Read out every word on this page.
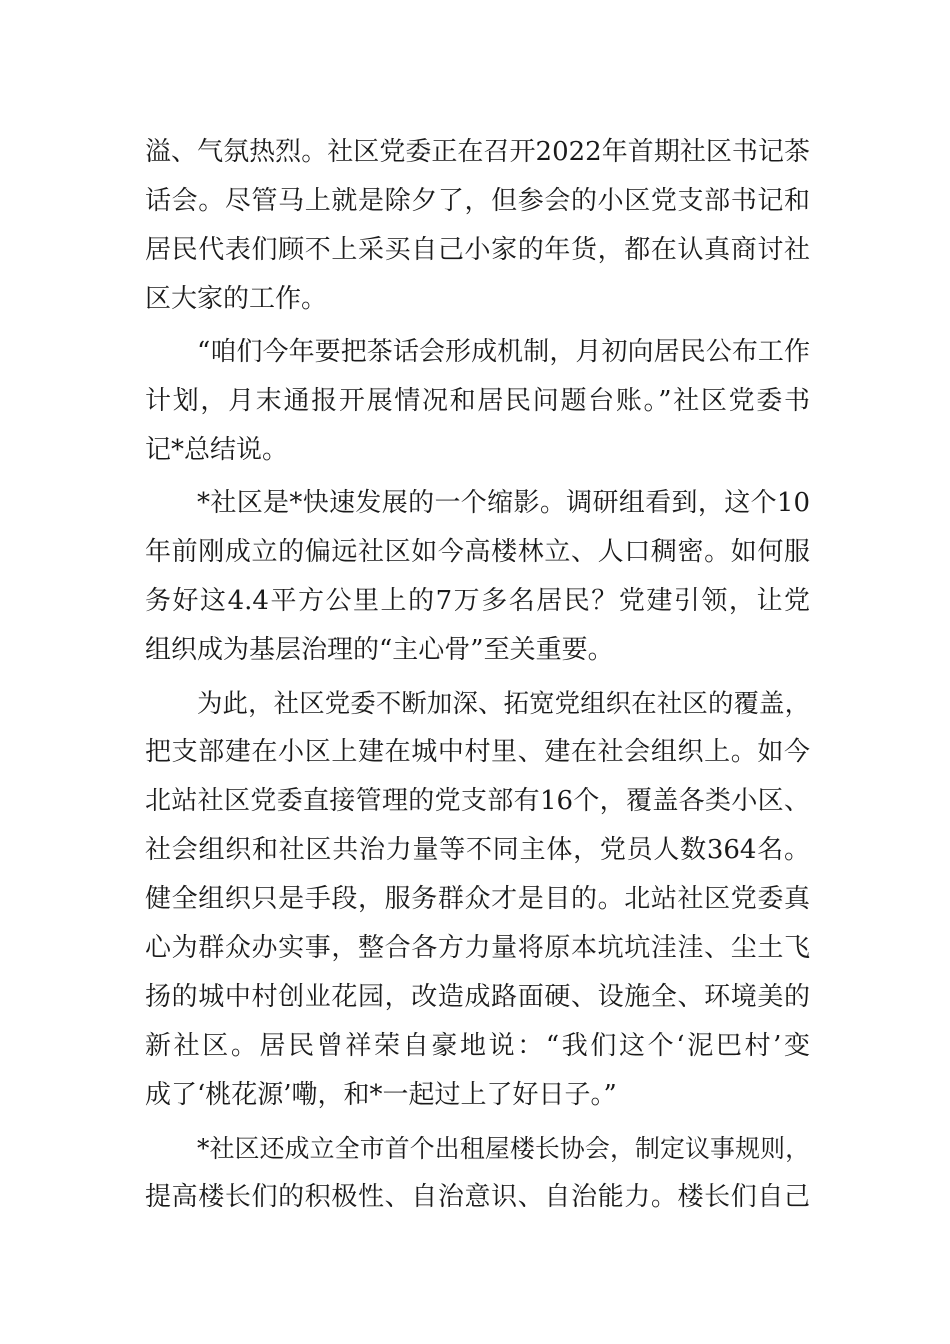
溢、气氛热烈。社区党委正在召开2022年首期社区书记茶
话会。尽管马上就是除夕了，但参会的小区党支部书记和
居民代表们顾不上采买自己小家的年货，都在认真商讨社
区大家的工作。
“咱们今年要把茶话会形成机制，月初向居民公布工作
计划，月末通报开展情况和居民问题台账。”社区党委书
记*总结说。
*社区是*快速发展的一个缩影。调研组看到，这个10
年前刚成立的偏远社区如今高楼林立、人口稠密。如何服
务好这4.4平方公里上的7万多名居民？党建引领，让党
组织成为基层治理的“主心骨”至关重要。
为此，社区党委不断加深、拓宽党组织在社区的覆盖，
把支部建在小区上建在城中村里、建在社会组织上。如今
北站社区党委直接管理的党支部有16个，覆盖各类小区、
社会组织和社区共治力量等不同主体，党员人数364名。
健全组织只是手段，服务群众才是目的。北站社区党委真
心为群众办实事，整合各方力量将原本坑坑洼洼、尘土飞
扬的城中村创业花园，改造成路面硬、设施全、环境美的
新社区。居民曾祥荣自豪地说：“我们这个‘泥巴村’变
成了‘桃花源’嘞，和*一起过上了好日子。”
*社区还成立全市首个出租屋楼长协会，制定议事规则，
提高楼长们的积极性、自治意识、自治能力。楼长们自己
